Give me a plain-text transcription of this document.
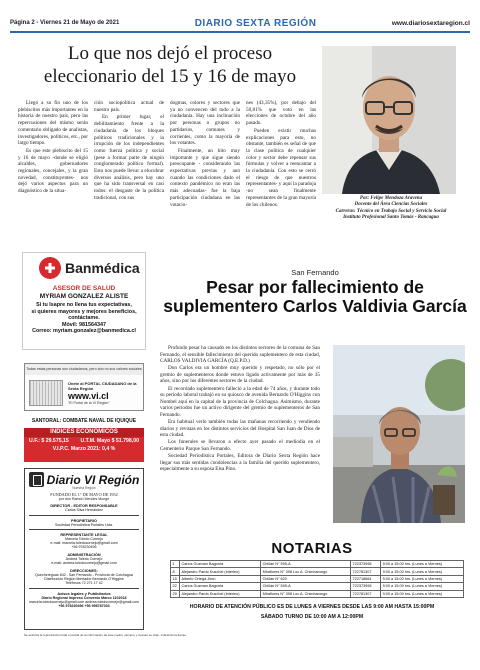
Página 2 - Viernes 21 de Mayo de 2021	DIARIO SEXTA REGIÓN	www.diariosextaregion.cl
Lo que nos dejó el proceso eleccionario del 15 y 16 de mayo

Llegó a su fin uno de los plebiscitos más importantes en la historia de nuestro país, pero las repercusiones del mismo serán comentario obligado de analistas, investigadores, políticos, etc., por largo tiempo.

Es que este plebiscito del 15 y 16 de mayo -donde se eligió alcaldes, gobernadores regionales, concejales, y la gran novedad, constituyentes- nos dejó varios aspectos para un diagnóstico de la situa-

ción sociopolítica actual de nuestro país.

En primer lugar, el debilitamiento frente a la ciudadanía de los bloques políticos tradicionales y la irrupción de los independientes como fuerza política y social (pese a formar parte de ningún conglomerado político formal). Esto nos puede llevar a elucubrar diversos análisis, pero hay uno que ha sido transversal en casi todos: el desgaste de la política tradicional, con sus

dogmas, colores y sectores que ya no convencen del todo a la ciudadanía. Hay una inclinación por personas o grupos no partidarios, comunes y corrientes, como la mayoría de los votantes.

Finalmente, un hito muy importante y que sigue siendo preocupante - considerando las expectativas previas y aun cuando las condiciones dado el contexto pandémico no eran las más adecuadas- fue la baja participación ciudadana en las votacio-

nes (43,35%), por debajo del 50,81% que votó en las elecciones de octubre del año pasado.

Pueden existir muchas explicaciones para esto, no obstante, también es señal de que la clase política de cualquier color y sector debe repensar sus fórmulas y volver a reencantar a la ciudadanía. Con esto se cerró el riesgo de que nuestros representantes- y aquí la paradoja -no sean finalmente representantes de la gran mayoría de los chilenos.

Por: Felipe Mendoza Aravena
Docente del Área Ciencias Sociales
Carreras: Técnico en Trabajo Social y Servicio Social
Instituto Profesional Santo Tomás - Rancagua
Banmédica
ASESOR DE SALUD
MYRIAM GONZALEZ ALISTE
Si tu Isapre no llena tus expectativas,
si quieres mayores y mejores beneficios,
contáctame.
Móvil: 981564347
Correo: myriam.gonzalez@banmedica.cl
Todas estas personas son ciudadanos, pero aún no sus valores sociales
Únete al PORTAL CIUDADANO de la Sexta Región
www.vi.cl
"El Portal de la VI Región"
SANTORAL: COMBATE NAVAL DE IQUIQUE
INDICES ECONÓMICOS
U.F.: $ 29.575,15 U.T.M. Mayo $ 51.798,00
V.I.P.C. Marzo 2021: 0,4 %
Diario VI Región
Nuestra Región
FUNDADO EL 1° DE MAYO DE 1952
por don Ramón Mendes Monge
DIRECTOR - EDITOR RESPONSABLE
Carlos Silva Hernández
PROPIETARIO
Sociedad Periodística Portales Ltda.
REPRESENTANTE LEGAL
Marcela Toledo Cornejo
e-mail: marcela.toledocornejo@gmail.com
+56 978230496
ADMINISTRACIÓN
Andrea Toledo Cornejo
e-mail: andrea.toledocornejo@gmail.com
DIRECCIONES:
Quechereguas 842 - San Fernando - Provincia de Colchagua
Distribución Región libertador Bernardo O'Higgins
Teléfonos 72 271 17 42
Avisos legales y Publicitarios
Diario Regional Impreso Convenio Marco 1102018
marcela.toledocornejo@gmail.com andrea.toledocornejo@gmail.com
+56 978230496 +56 998787033
Se autoriza la reproducción total o parcial de la información de este medio, siempre y cuando se citan, indicando la fuente.
San Fernando
Pesar por fallecimiento de suplementero Carlos Valdivia García

Profundo pesar ha causado en los distintos sectores de la comuna de San Fernando, el sensible fallecimiento del querido suplementero de esta ciudad, CARLOS VALDIVIA GARCÍA (Q.E.P.D.)

Don Carlos era un hombre muy querido y respetado, no sólo por el gremio de suplementeros donde estuvo ligado activamente por más de 35 años, sino por los diferentes sectores de la ciudad.

El recordado suplementero falleció a la edad de 74 años, y durante todo su periodo laboral trabajó en su quiosco de avenida Bernardo O'Higgins con Nombel aquí en la capital de la provincia de Colchagua. Asimismo, durante varios periodos fue un activo dirigente del gremio de suplementeros de San Fernando.

Era habitual verlo también todas las mañanas recorriendo y vendiendo diarios y revistas en los distintos servicios del Hospital San Juan de Dios de esta ciudad.

Los funerales se llevaron a efecto ayer pasado el mediodía en el Cementerio Parque San Fernando.

Sociedad Periodística Portales, Editora de Diario Sexta Región hace llegar sus más sentidas condolencias a la familia del querido suplementero, especialmente a su esposa Elsa Pino.

NOTARIAS
1	Carlos Guzman Bagorria	Chillán N° 595-A	722373998	9:00 a 15:00 hrs. (Lunes a Viernes)
8	Alejandro Pardo Kuschel (Interino)	Miraflores N° 398 Loc A. Chimbarongo	722781307	9:00 a 15:00 hrs. (Lunes a Viernes)
15	Alberto Ortega Jirón	Chillán N° 620	722718664	9:00 a 15:00 hrs. (Lunes a Viernes)
22	Carlos Guzman Bagorria	Chillán N° 595-A	722373998	9:00 a 15:00 hrs. (Lunes a Viernes)
29	Alejandro Pardo Kuschel (Interino)	Miraflores N° 398 Loc A. Chimbarongo	722781307	9:00 a 15:00 hrs. (Lunes a Viernes)
HORARIO DE ATENCIÓN PÚBLICO ES DE LUNES A VIERNES DESDE LAS 9:00 AM HASTA 15:00PM
SÁBADO TURNO DE 10:00 AM A 12:00PM
